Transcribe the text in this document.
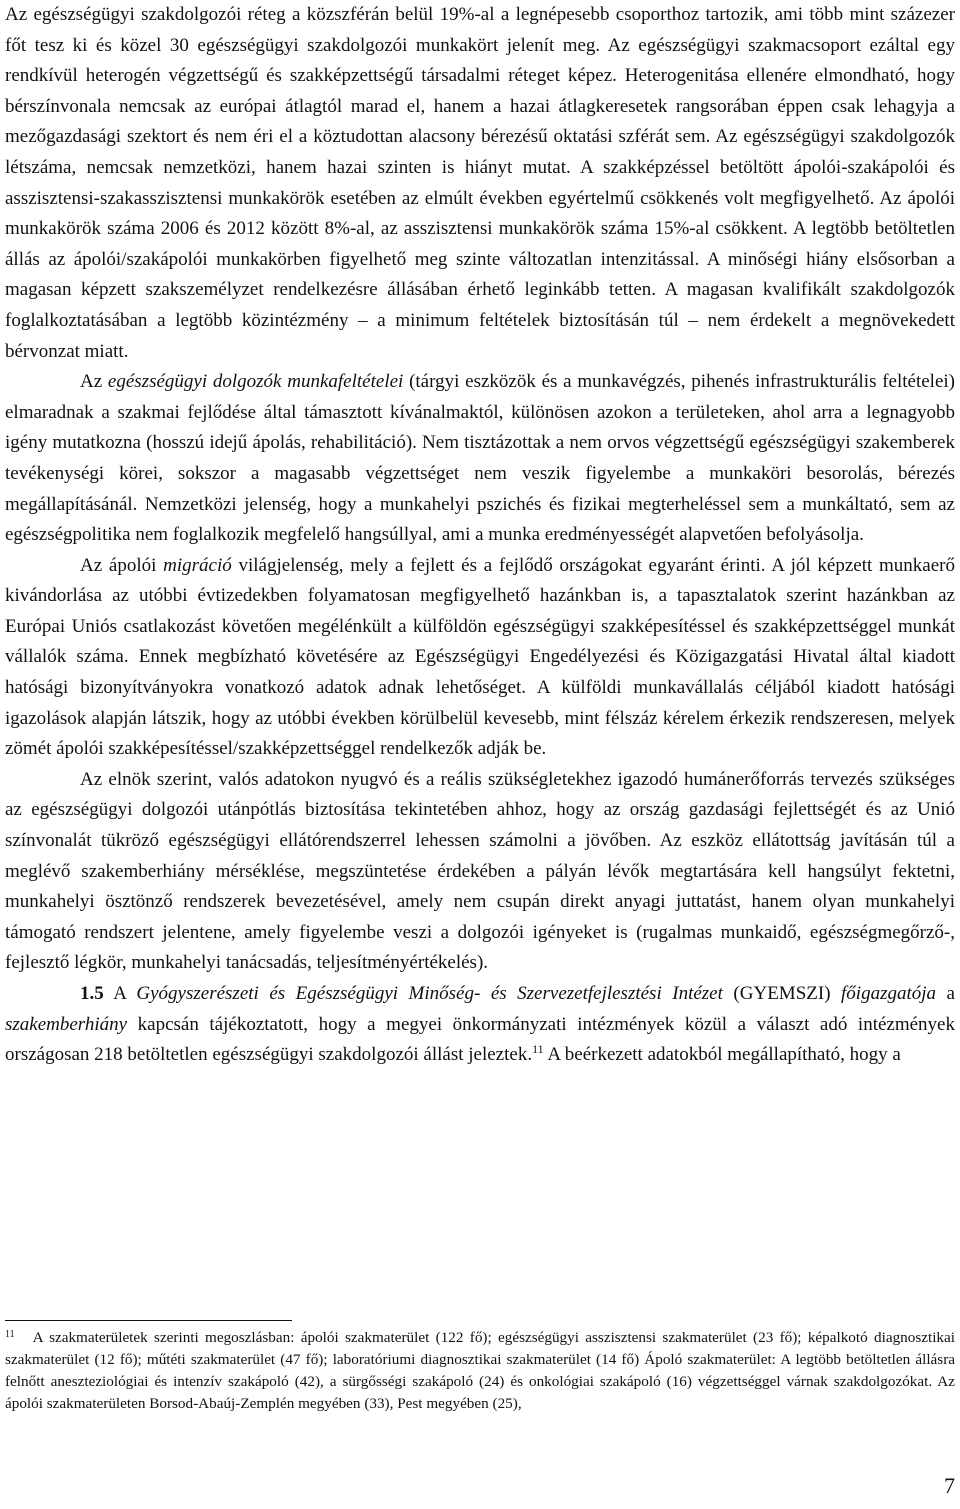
Az egészségügyi szakdolgozói réteg a közszférán belül 19%-al a legnépesebb csoporthoz tartozik, ami több mint százezer főt tesz ki és közel 30 egészségügyi szakdolgozói munkakört jelenít meg. Az egészségügyi szakmacsoport ezáltal egy rendkívül heterogén végzettségű és szakképzettségű társadalmi réteget képez. Heterogenitása ellenére elmondható, hogy bérszínvonala nemcsak az európai átlagtól marad el, hanem a hazai átlagkeresetek rangsorában éppen csak lehagyja a mezőgazdasági szektort és nem éri el a köztudottan alacsony bérezésű oktatási szférát sem. Az egészségügyi szakdolgozók létszáma, nemcsak nemzetközi, hanem hazai szinten is hiányt mutat. A szakképzéssel betöltött ápolói-szakápolói és asszisztensi-szakasszisztensi munkakörök esetében az elmúlt években egyértelmű csökkenés volt megfigyelhető. Az ápolói munkakörök száma 2006 és 2012 között 8%-al, az asszisztensi munkakörök száma 15%-al csökkent. A legtöbb betöltetlen állás az ápolói/szakápolói munkakörben figyelhető meg szinte változatlan intenzitással. A minőségi hiány elsősorban a magasan képzett szakszemélyzet rendelkezésre állásában érhető leginkább tetten. A magasan kvalifikált szakdolgozók foglalkoztatásában a legtöbb közintézmény – a minimum feltételek biztosításán túl – nem érdekelt a megnövekedett bérvonzat miatt.

Az egészségügyi dolgozók munkafeltételei (tárgyi eszközök és a munkavégzés, pihenés infrastrukturális feltételei) elmaradnak a szakmai fejlődése által támasztott kívánalmaktól, különösen azokon a területeken, ahol arra a legnagyobb igény mutatkozna (hosszú idejű ápolás, rehabilitáció). Nem tisztázottak a nem orvos végzettségű egészségügyi szakemberek tevékenységi körei, sokszor a magasabb végzettséget nem veszik figyelembe a munkaköri besorolás, bérezés megállapításánál. Nemzetközi jelenség, hogy a munkahelyi pszichés és fizikai megterheléssel sem a munkáltató, sem az egészségpolitika nem foglalkozik megfelelő hangsúllyal, ami a munka eredményességét alapvetően befolyásolja.

Az ápolói migráció világjelenség, mely a fejlett és a fejlődő országokat egyaránt érinti. A jól képzett munkaerő kivándorlása az utóbbi évtizedekben folyamatosan megfigyelhető hazánkban is, a tapasztalatok szerint hazánkban az Európai Uniós csatlakozást követően megélénkült a külföldön egészségügyi szakképesítéssel és szakképzettséggel munkát vállalók száma. Ennek megbízható követésére az Egészségügyi Engedélyezési és Közigazgatási Hivatal által kiadott hatósági bizonyítványokra vonatkozó adatok adnak lehetőséget. A külföldi munkavállalás céljából kiadott hatósági igazolások alapján látszik, hogy az utóbbi években körülbelül kevesebb, mint félszáz kérelem érkezik rendszeresen, melyek zömét ápolói szakképesítéssel/szakképzettséggel rendelkezők adják be.

Az elnök szerint, valós adatokon nyugvó és a reális szükségletekhez igazodó humánerőforrás tervezés szükséges az egészségügyi dolgozói utánpótlás biztosítása tekintetében ahhoz, hogy az ország gazdasági fejlettségét és az Unió színvonalát tükröző egészségügyi ellátórendszerrel lehessen számolni a jövőben. Az eszköz ellátottság javításán túl a meglévő szakemberhiány mérséklése, megszüntetése érdekében a pályán lévők megtartására kell hangsúlyt fektetni, munkahelyi ösztönző rendszerek bevezetésével, amely nem csupán direkt anyagi juttatást, hanem olyan munkahelyi támogató rendszert jelentene, amely figyelembe veszi a dolgozói igényeket is (rugalmas munkaidő, egészségmegőrző-, fejlesztő légkör, munkahelyi tanácsadás, teljesítményértékelés).

1.5 A Gyógyszerészeti és Egészségügyi Minőség- és Szervezetfejlesztési Intézet (GYEMSZI) főigazgatója a szakemberhiány kapcsán tájékoztatott, hogy a megyei önkormányzati intézmények közül a választ adó intézmények országosan 218 betöltetlen egészségügyi szakdolgozói állást jeleztek.$^{11}$ A beérkezett adatokból megállapítható, hogy a

$^{11}$ A szakmaterületek szerinti megoszlásban: ápolói szakmaterület (122 fő); egészségügyi asszisztensi szakmaterület (23 fő); képalkotó diagnosztikai szakmaterület (12 fő); műtéti szakmaterület (47 fő); laboratóriumi diagnosztikai szakmaterület (14 fő) Ápoló szakmaterület: A legtöbb betöltetlen állásra felnőtt aneszteziológiai és intenzív szakápoló (42), a sürgősségi szakápoló (24) és onkológiai szakápoló (16) végzettséggel várnak szakdolgozókat. Az ápolói szakmaterületen Borsod-Abaúj-Zemplén megyében (33), Pest megyében (25),

7
